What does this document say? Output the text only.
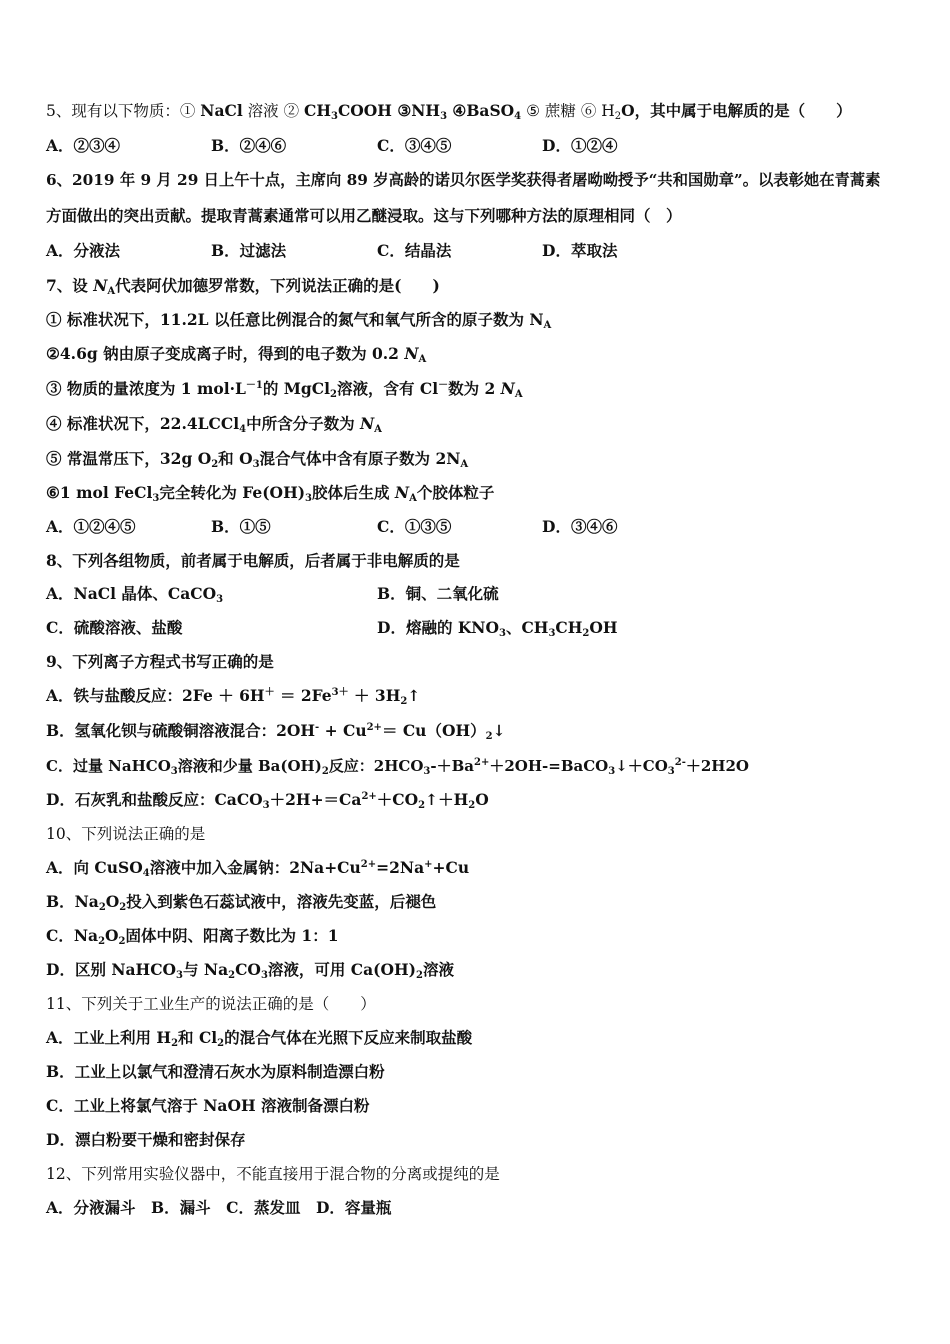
5、现有以下物质：① NaCl 溶液 ② $CH_3COOH$ $③NH_3$ ④BaSO$_4$ ⑤ 蔗糖 ⑥ $H_2O$，其中属于电解质的是（　　）
A．②③④	B．②④⑥	C．③④⑤	D．①②④
6、2019 年 9 月 29 日上午十点，主席向 89 岁高龄的诺贝尔医学奖获得者屠呦呦授予“共和国勋章”。以表彰她在青蒿素
方面做出的突出贡献。提取青蒿素通常可以用乙醚浸取。这与下列哪种方法的原理相同（　）
A．分液法	B．过滤法	C．结晶法	D．萃取法
7、设 $N_A$代表阿伏加德罗常数，下列说法正确的是(　　)
① 标准状况下，11.2L 以任意比例混合的氮气和氧气所含的原子数为 $N_A$
②4.6g 钠由原子变成离子时，得到的电子数为 0.2 $N_A$
③ 物质的量浓度为 1 $mol\cdot L^{-1}$的 MgCl$_2$溶液，含有 Cl－数为 2 $N_A$
④ 标准状况下，22.4LCCl$_4$中所含分子数为 $N_A$
⑤ 常温常压下，32g $O_2$和 $O_3$混合气体中含有原子数为 $2N_A$
⑥1 mol FeCl$_3$完全转化为 $Fe(OH)_3$胶体后生成 $N_A$个胶体粒子
A．①②④⑤	B．①⑤	C．①③⑤	D．③④⑥
8、下列各组物质，前者属于电解质，后者属于非电解质的是
A．NaCl 晶体、CaCO$_3$	B．铜、二氧化硫
C．硫酸溶液、盐酸	D．熔融的 $KNO_3$、$CH_3CH_2OH$
9、下列离子方程式书写正确的是
A．铁与盐酸反应：$2Fe + 6H^+ = 2Fe^{3+}$ ＋ $3H_2↑$
B．氢氧化钡与硫酸铜溶液混合：$2OH^- + Cu^{2+}=$ $Cu(OH)_2↓$
C．过量 NaHCO$_3$溶液和少量 $Ba(OH)_2$反应：$2HCO_3-+Ba^{2+}+2OH-=BaCO_3↓+CO_3^{2-}+2H2O$
D．石灰乳和盐酸反应：$CaCO_3+2H+=Ca^{2+}+CO_2↑+H_2O$
10、下列说法正确的是
A．向 CuSO$_4$溶液中加入金属钠：$2Na+Cu^{2+}=2Na^++Cu$
B．$Na_2O_2$投入到紫色石蕊试液中，溶液先变蓝，后褪色
C．$Na_2O_2$固体中阴、阳离子数比为 1：1
D．区别 NaHCO$_3$与 $Na_2CO_3$溶液，可用 $Ca(OH)_2$溶液
11、下列关于工业生产的说法正确的是（　　）
A．工业上利用 $H_2$和 $Cl_2$的混合气体在光照下反应来制取盐酸
B．工业上以氯气和澄清石灰水为原料制造漂白粉
C．工业上将氯气溶于 NaOH 溶液制备漂白粉
D．漂白粉要干燥和密封保存
12、下列常用实验仪器中，不能直接用于混合物的分离或提纯的是
A．分液漏斗　B．漏斗　C．蒸发皿　D．容量瓶
